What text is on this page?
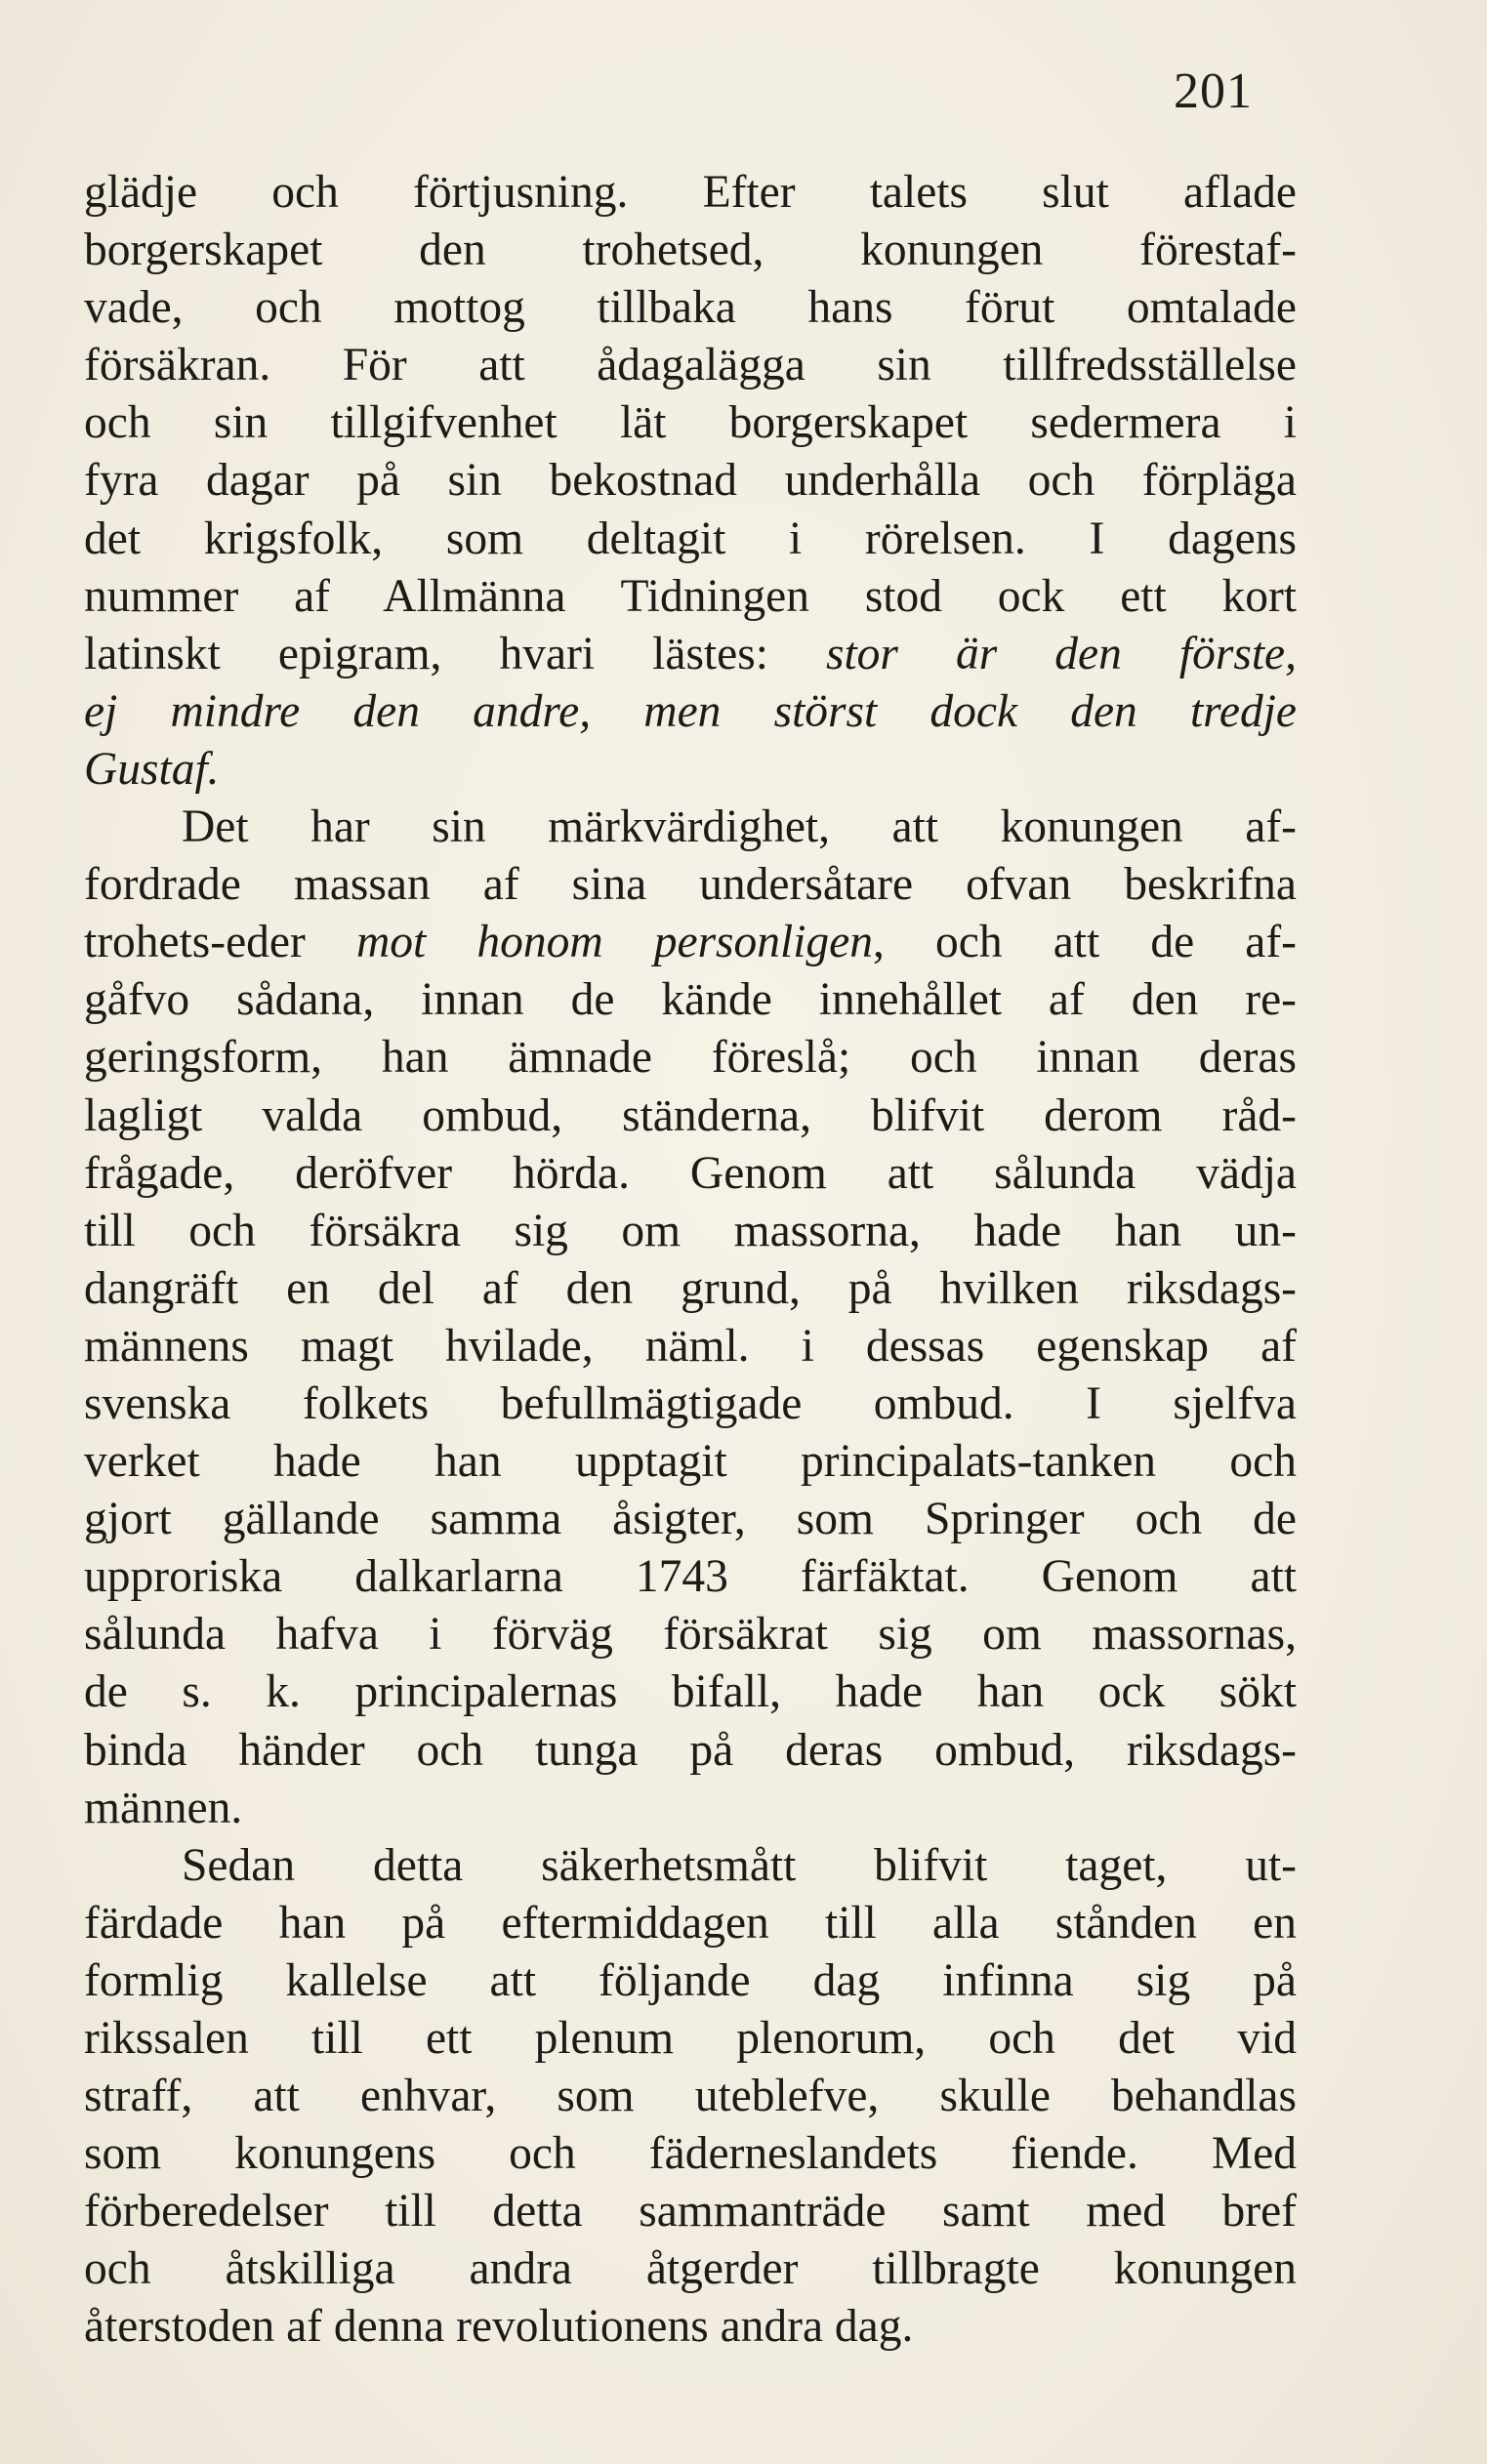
201
glädje och förtjusning. Efter talets slut aflade
borgerskapet den trohetsed, konungen förestaf-
vade, och mottog tillbaka hans förut omtalade
försäkran. För att ådagalägga sin tillfredsställelse
och sin tillgifvenhet lät borgerskapet sedermera i
fyra dagar på sin bekostnad underhålla och förpläga
det krigsfolk, som deltagit i rörelsen. I dagens
nummer af Allmänna Tidningen stod ock ett kort
latinskt epigram, hvari lästes: stor är den förste,
ej mindre den andre, men störst dock den tredje
Gustaf.
Det har sin märkvärdighet, att konungen af-
fordrade massan af sina undersåtare ofvan beskrifna
trohets-eder mot honom personligen, och att de af-
gåfvo sådana, innan de kände innehållet af den re-
geringsform, han ämnade föreslå; och innan deras
lagligt valda ombud, ständerna, blifvit derom råd-
frågade, deröfver hörda. Genom att sålunda vädja
till och försäkra sig om massorna, hade han un-
dangräft en del af den grund, på hvilken riksdags-
männens magt hvilade, näml. i dessas egenskap af
svenska folkets befullmägtigade ombud. I sjelfva
verket hade han upptagit principalats-tanken och
gjort gällande samma åsigter, som Springer och de
upproriska dalkarlarna 1743 färfäktat. Genom att
sålunda hafva i förväg försäkrat sig om massornas,
de s. k. principalernas bifall, hade han ock sökt
binda händer och tunga på deras ombud, riksdags-
männen.
Sedan detta säkerhetsmått blifvit taget, ut-
färdade han på eftermiddagen till alla stånden en
formlig kallelse att följande dag infinna sig på
rikssalen till ett plenum plenorum, och det vid
straff, att enhvar, som uteblefve, skulle behandlas
som konungens och fäderneslandets fiende. Med
förberedelser till detta sammanträde samt med bref
och åtskilliga andra åtgerder tillbragte konungen
återstoden af denna revolutionens andra dag.
